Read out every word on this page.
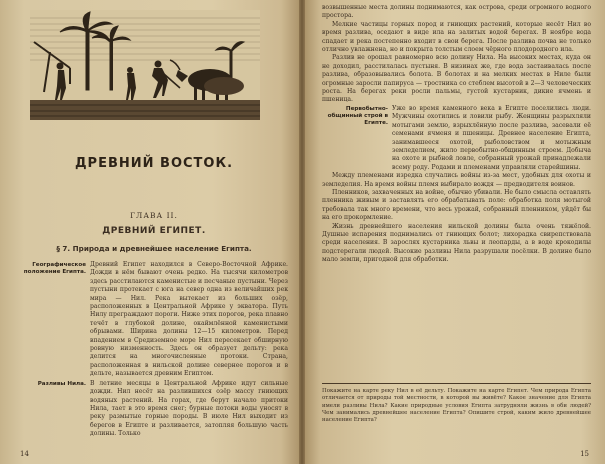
ДРЕВНИЙ ВОСТОК.
ГЛАВА II.
ДРЕВНИЙ ЕГИПЕТ.
§ 7. Природа и древнейшее население Египта.
Географическое положение Египта.

Древний Египет находился в Северо-Восточной Африке. Дожди в нём бывают очень редко. На тысячи километров здесь расстилаются каменистые и песчаные пустыни. Через пустыни протекает с юга на север одна из величайших рек мира — Нил. Река вытекает из больших озёр, расположенных в Центральной Африке у экватора. Путь Нилу преграждают пороги. Ниже этих порогов, река плавно течёт в глубокой долине, окаймлённой каменистыми обрывами. Ширина долины 12—15 километров. Перед впадением в Средиземное море Нил пересекает обширную ровную низменность. Здесь он образует дельту: река делится на многочисленные протоки. Страна, расположенная в нильской долине севернее порогов и в дельте, называется древним Египтом.

Разливы Нила. В летние месяцы в Центральной Африке идут сильные дожди. Нил несёт на разлившихся озёр массу гниющих водяных растений. На горах, где берут начало притоки Нила, тает в это время снег; бурные потоки воды уносят в реку размытые горные породы. В июле Нил выходит из берегов в Египте и разливается, затопляя большую часть долины. Только

14

возвышенные места долины поднимаются, как острова, среди огромного водного простора.

Мелкие частицы горных пород и гниющих растений, которые несёт Нил во время разлива, оседают в виде ила на залитых водой берегах. В ноябре вода спадает и река постепенно входит в свои берега. После разлива почва не только отлично увлажнена, но и покрыта толстым слоем чёрного плодородного ила.

Разлив не орошал равномерно всю долину Нила. На высоких местах, куда он не доходил, расстилалась пустыня. В низинах же, где вода застаивалась после разлива, образовывались болота. В болотах и на мелких местах в Ниле были огромные заросли папируса — тростника со стеблем высотой в 2—3 человеческих роста. На берегах реки росли пальмы, густой кустарник, дикие ячмень и пшеница.

Первобытно-общинный строй в Египте.

Уже во время каменного века в Египте поселились люди. Мужчины охотились и ловили рыбу. Женщины разрыхляли мотыгами землю, взрыхлённую после разлива, засевали её семенами ячменя и пшеницы. Древнее население Египта, занимавшееся охотой, рыболовством и мотыжным земледелием, жило первобытно-общинным строем. Добыча на охоте и рыбной ловле, собранный урожай принадлежали всему роду. Родами и племенами управляли старейшины.

Между племенами изредка случались войны из-за мест, удобных для охоты и земледелия. На время войны племя выбирало вождя — предводителя воинов.

Пленников, захваченных на войне, обычно убивали. Не было смысла оставлять пленника живым и заставлять его обрабатывать поле: обработка поля мотыгой требовала так много времени, что весь урожай, собранный пленником, уйдёт бы на его прокормление.

Жизнь древнейшего населения нильской долины была очень тяжёлой. Душные испарения поднимались от гниющих болот; лихорадка свирепствовала среди населения. В зарослях кустарника львы и леопарды, а в воде крокодилы подстерегали людей. Высокие разливы Нила разрушали посёлки. В долине было мало земли, пригодной для обработки.

Покажите на карте реку Нил в её дельту. Покажите на карте Египет. Чем природа Египта отличается от природы той местности, в которой вы живёте? Какое значение для Египта имели разливы Нила? Какие природные условия Египта затрудняли жизнь в оби людей? Чем занимались древнейшее население Египта? Опишите строй, каким жило древнейшее население Египта?
15
